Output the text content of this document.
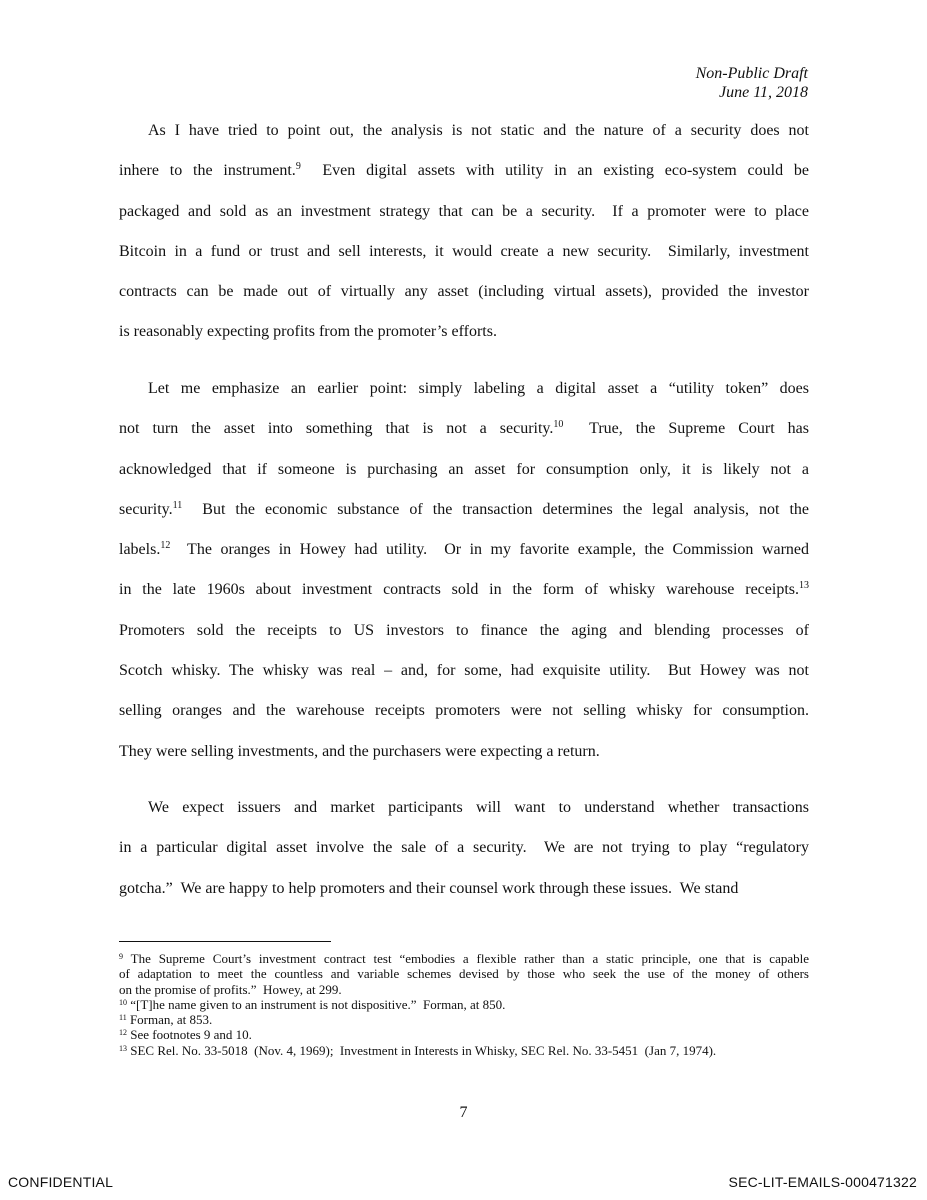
Non-Public Draft
June 11, 2018
As I have tried to point out, the analysis is not static and the nature of a security does not
inhere to the instrument.$^9$  Even digital assets with utility in an existing eco-system could be
packaged and sold as an investment strategy that can be a security.  If a promoter were to place
Bitcoin in a fund or trust and sell interests, it would create a new security.  Similarly, investment
contracts can be made out of virtually any asset (including virtual assets), provided the investor
is reasonably expecting profits from the promoter’s efforts.
Let me emphasize an earlier point: simply labeling a digital asset a “utility token” does
not turn the asset into something that is not a security.$^{10}$  True, the Supreme Court has
acknowledged that if someone is purchasing an asset for consumption only, it is likely not a
security.$^{11}$  But the economic substance of the transaction determines the legal analysis, not the
labels.$^{12}$  The oranges in Howey had utility.  Or in my favorite example, the Commission warned
in the late 1960s about investment contracts sold in the form of whisky warehouse receipts.$^{13}$
Promoters sold the receipts to US investors to finance the aging and blending processes of
Scotch whisky. The whisky was real – and, for some, had exquisite utility.  But Howey was not
selling oranges and the warehouse receipts promoters were not selling whisky for consumption.
They were selling investments, and the purchasers were expecting a return.
We expect issuers and market participants will want to understand whether transactions
in a particular digital asset involve the sale of a security.  We are not trying to play “regulatory
gotcha.”  We are happy to help promoters and their counsel work through these issues.  We stand
$^9$ The Supreme Court’s investment contract test “embodies a flexible rather than a static principle, one that is capable
of adaptation to meet the countless and variable schemes devised by those who seek the use of the money of others
on the promise of profits.”  Howey, at 299.
$^{10}$ “[T]he name given to an instrument is not dispositive.”  Forman, at 850.
$^{11}$ Forman, at 853.
$^{12}$ See footnotes 9 and 10.
$^{13}$ SEC Rel. No. 33-5018  (Nov. 4, 1969);  Investment in Interests in Whisky, SEC Rel. No. 33-5451  (Jan 7, 1974).
7
CONFIDENTIAL	SEC-LIT-EMAILS-000471322
